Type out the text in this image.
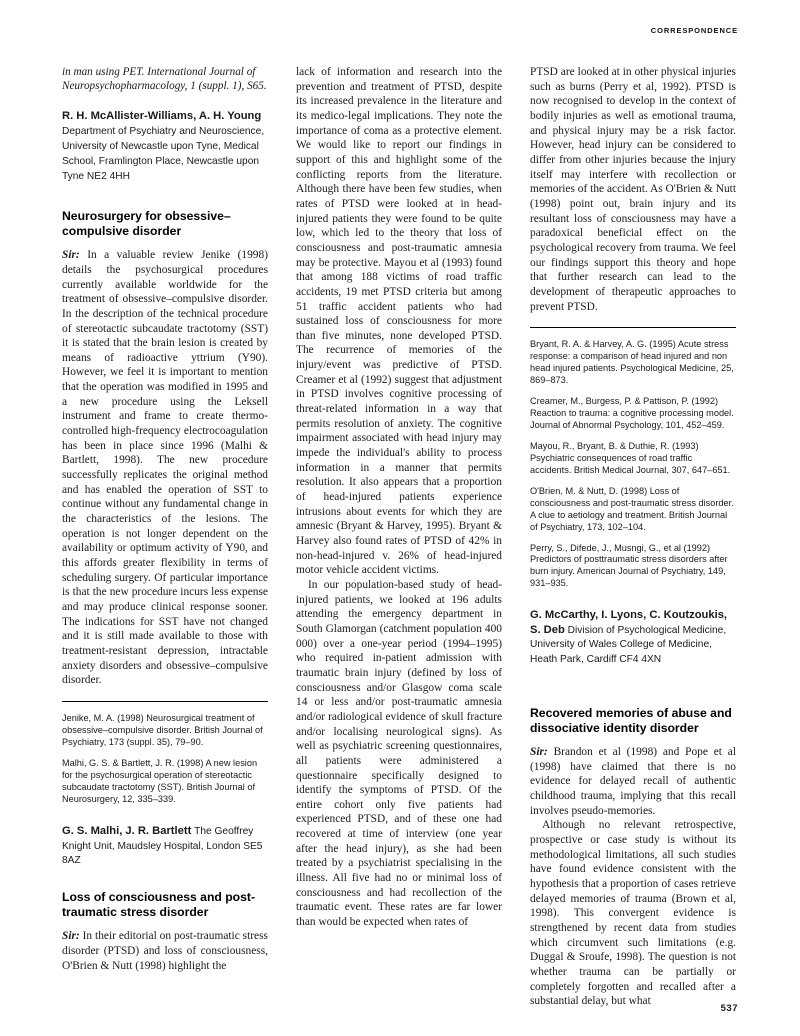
CORRESPONDENCE

in man using PET. International Journal of Neuropsychopharmacology, 1 (suppl. 1), S65.

R. H. McAllister-Williams, A. H. Young Department of Psychiatry and Neuroscience, University of Newcastle upon Tyne, Medical School, Framlington Place, Newcastle upon Tyne NE2 4HH

Neurosurgery for obsessive–compulsive disorder

Sir: In a valuable review Jenike (1998) details the psychosurgical procedures currently available worldwide for the treatment of obsessive–compulsive disorder. In the description of the technical procedure of stereotactic subcaudate tractotomy (SST) it is stated that the brain lesion is created by means of radioactive yttrium (Y90). However, we feel it is important to mention that the operation was modified in 1995 and a new procedure using the Leksell instrument and frame to create thermo-controlled high-frequency electrocoagulation has been in place since 1996 (Malhi & Bartlett, 1998). The new procedure successfully replicates the original method and has enabled the operation of SST to continue without any fundamental change in the characteristics of the lesions. The operation is not longer dependent on the availability or optimum activity of Y90, and this affords greater flexibility in terms of scheduling surgery. Of particular importance is that the new procedure incurs less expense and may produce clinical response sooner. The indications for SST have not changed and it is still made available to those with treatment-resistant depression, intractable anxiety disorders and obsessive–compulsive disorder.

Jenike, M. A. (1998) Neurosurgical treatment of obsessive–compulsive disorder. British Journal of Psychiatry, 173 (suppl. 35), 79–90.
Malhi, G. S. & Bartlett, J. R. (1998) A new lesion for the psychosurgical operation of stereotactic subcaudate tractotomy (SST). British Journal of Neurosurgery, 12, 335–339.

G. S. Malhi, J. R. Bartlett The Geoffrey Knight Unit, Maudsley Hospital, London SE5 8AZ

Loss of consciousness and post-traumatic stress disorder

Sir: In their editorial on post-traumatic stress disorder (PTSD) and loss of consciousness, O'Brien & Nutt (1998) highlight the

lack of information and research into the prevention and treatment of PTSD, despite its increased prevalence in the literature and its medico-legal implications. They note the importance of coma as a protective element. We would like to report our findings in support of this and highlight some of the conflicting reports from the literature. Although there have been few studies, when rates of PTSD were looked at in head-injured patients they were found to be quite low, which led to the theory that loss of consciousness and post-traumatic amnesia may be protective. Mayou et al (1993) found that among 188 victims of road traffic accidents, 19 met PTSD criteria but among 51 traffic accident patients who had sustained loss of consciousness for more than five minutes, none developed PTSD. The recurrence of memories of the injury/event was predictive of PTSD. Creamer et al (1992) suggest that adjustment in PTSD involves cognitive processing of threat-related information in a way that permits resolution of anxiety. The cognitive impairment associated with head injury may impede the individual's ability to process information in a manner that permits resolution. It also appears that a proportion of head-injured patients experience intrusions about events for which they are amnesic (Bryant & Harvey, 1995). Bryant & Harvey also found rates of PTSD of 42% in non-head-injured v. 26% of head-injured motor vehicle accident victims.

In our population-based study of head-injured patients, we looked at 196 adults attending the emergency department in South Glamorgan (catchment population 400 000) over a one-year period (1994–1995) who required in-patient admission with traumatic brain injury (defined by loss of consciousness and/or Glasgow coma scale 14 or less and/or post-traumatic amnesia and/or radiological evidence of skull fracture and/or localising neurological signs). As well as psychiatric screening questionnaires, all patients were administered a questionnaire specifically designed to identify the symptoms of PTSD. Of the entire cohort only five patients had experienced PTSD, and of these one had recovered at time of interview (one year after the head injury), as she had been treated by a psychiatrist specialising in the illness. All five had no or minimal loss of consciousness and had recollection of the traumatic event. These rates are far lower than would be expected when rates of

PTSD are looked at in other physical injuries such as burns (Perry et al, 1992). PTSD is now recognised to develop in the context of bodily injuries as well as emotional trauma, and physical injury may be a risk factor. However, head injury can be considered to differ from other injuries because the injury itself may interfere with recollection or memories of the accident. As O'Brien & Nutt (1998) point out, brain injury and its resultant loss of consciousness may have a paradoxical beneficial effect on the psychological recovery from trauma. We feel our findings support this theory and hope that further research can lead to the development of therapeutic approaches to prevent PTSD.

Bryant, R. A. & Harvey, A. G. (1995) Acute stress response: a comparison of head injured and non head injured patients. Psychological Medicine, 25, 869–873.
Creamer, M., Burgess, P. & Pattison, P. (1992) Reaction to trauma: a cognitive processing model. Journal of Abnormal Psychology, 101, 452–459.
Mayou, R., Bryant, B. & Duthie, R. (1993) Psychiatric consequences of road traffic accidents. British Medical Journal, 307, 647–651.
O'Brien, M. & Nutt, D. (1998) Loss of consciousness and post-traumatic stress disorder. A clue to aetiology and treatment. British Journal of Psychiatry, 173, 102–104.
Perry, S., Difede, J., Musngi, G., et al (1992) Predictors of posttraumatic stress disorders after burn injury. American Journal of Psychiatry, 149, 931–935.

G. McCarthy, I. Lyons, C. Koutzoukis, S. Deb Division of Psychological Medicine, University of Wales College of Medicine, Heath Park, Cardiff CF4 4XN

Recovered memories of abuse and dissociative identity disorder

Sir: Brandon et al (1998) and Pope et al (1998) have claimed that there is no evidence for delayed recall of authentic childhood trauma, implying that this recall involves pseudo-memories.

Although no relevant retrospective, prospective or case study is without its methodological limitations, all such studies have found evidence consistent with the hypothesis that a proportion of cases retrieve delayed memories of trauma (Brown et al, 1998). This convergent evidence is strengthened by recent data from studies which circumvent such limitations (e.g. Duggal & Sroufe, 1998). The question is not whether trauma can be partially or completely forgotten and recalled after a substantial delay, but what

537
